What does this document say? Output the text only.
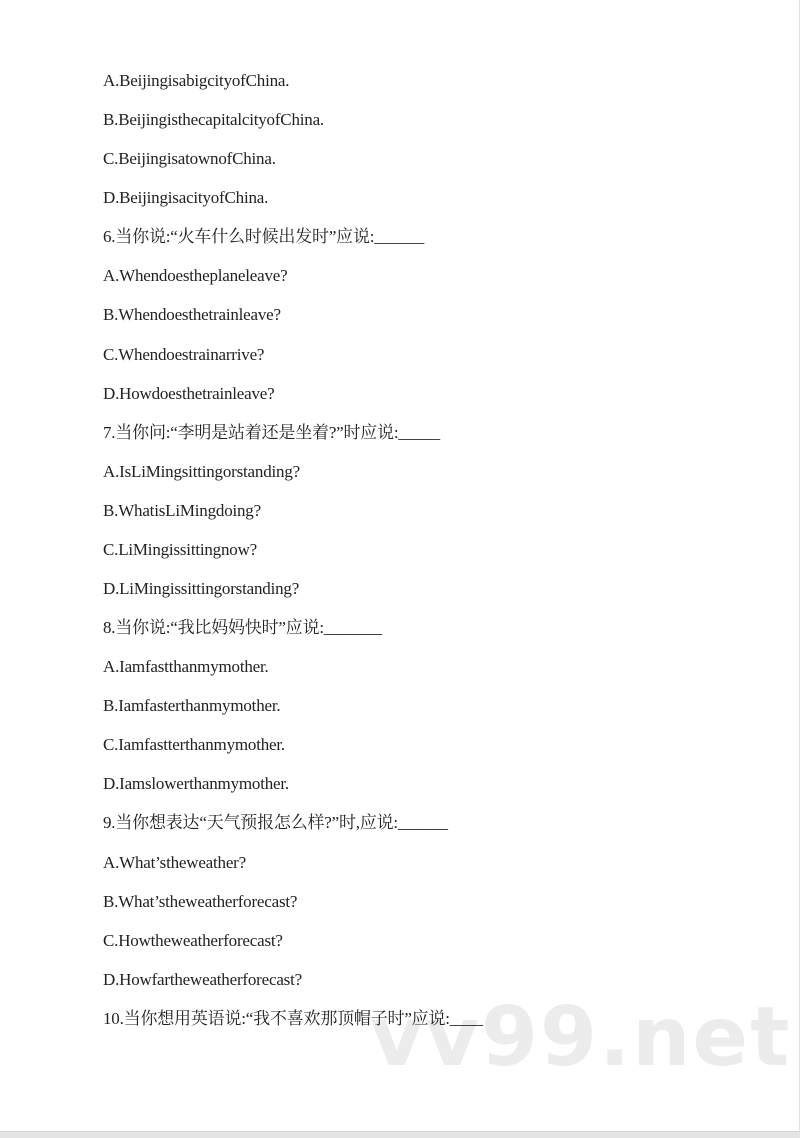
vv99.net
A.BeijingisabigcityofChina.
B.BeijingisthecapitalcityofChina.
C.BeijingisatownofChina.
D.BeijingisacityofChina.
6.当你说:“火车什么时候出发时”应说:______
A.Whendoestheplaneleave?
B.Whendoesthetrainleave?
C.Whendoestrainarrive?
D.Howdoesthetrainleave?
7.当你问:“李明是站着还是坐着?”时应说:_____
A.IsLiMingsittingorstanding?
B.WhatisLiMingdoing?
C.LiMingissittingnow?
D.LiMingissittingorstanding?
8.当你说:“我比妈妈快时”应说:_______
A.Iamfastthanmymother.
B.Iamfasterthanmymother.
C.Iamfastterthanmymother.
D.Iamslowerthanmymother.
9.当你想表达“天气预报怎么样?”时,应说:______
A.What’stheweather?
B.What’stheweatherforecast?
C.Howtheweatherforecast?
D.Howfartheweatherforecast?
10.当你想用英语说:“我不喜欢那顶帽子时”应说:____
